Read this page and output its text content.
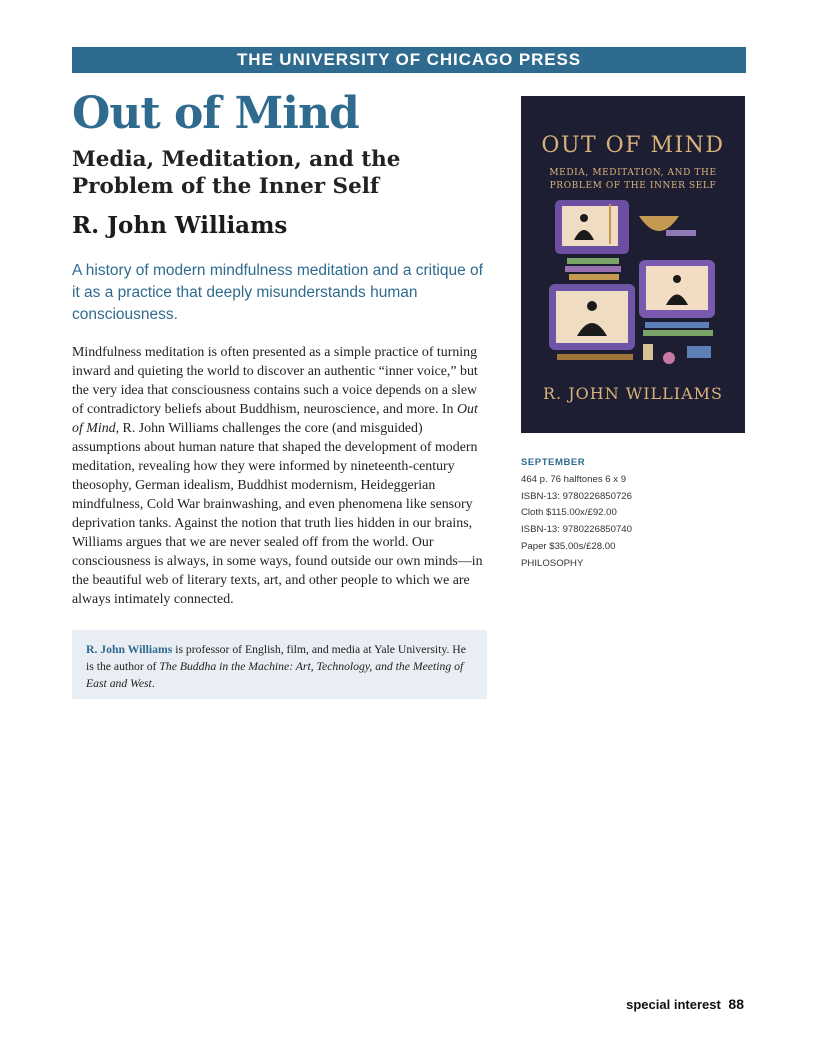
THE UNIVERSITY OF CHICAGO PRESS
Out of Mind
Media, Meditation, and the Problem of the Inner Self
R. John Williams

A history of modern mindfulness meditation and a critique of it as a practice that deeply misunderstands human consciousness.

Mindfulness meditation is often presented as a simple practice of turning inward and quieting the world to discover an authentic “inner voice,” but the very idea that consciousness contains such a voice depends on a slew of contradictory beliefs about Buddhism, neuroscience, and more. In Out of Mind, R. John Williams challenges the core (and misguided) assumptions about human nature that shaped the development of modern meditation, revealing how they were informed by nineteenth-century theosophy, German idealism, Buddhist modernism, Heideggerian mindfulness, Cold War brainwashing, and even phenomena like sensory deprivation tanks. Against the notion that truth lies hidden in our brains, Williams argues that we are never sealed off from the world. Our consciousness is always, in some ways, found outside our own minds—in the beautiful web of literary texts, art, and other people to which we are always intimately connected.

R. John Williams is professor of English, film, and media at Yale University. He is the author of The Buddha in the Machine: Art, Technology, and the Meeting of East and West.

OUT OF MIND
MEDIA, MEDITATION, AND THE
PROBLEM OF THE INNER SELF
R. JOHN WILLIAMS
SEPTEMBER
464 p. 76 halftones 6 x 9
ISBN-13: 9780226850726
Cloth $115.00x/£92.00
ISBN-13: 9780226850740
Paper $35.00s/£28.00
PHILOSOPHY
special interest 88
